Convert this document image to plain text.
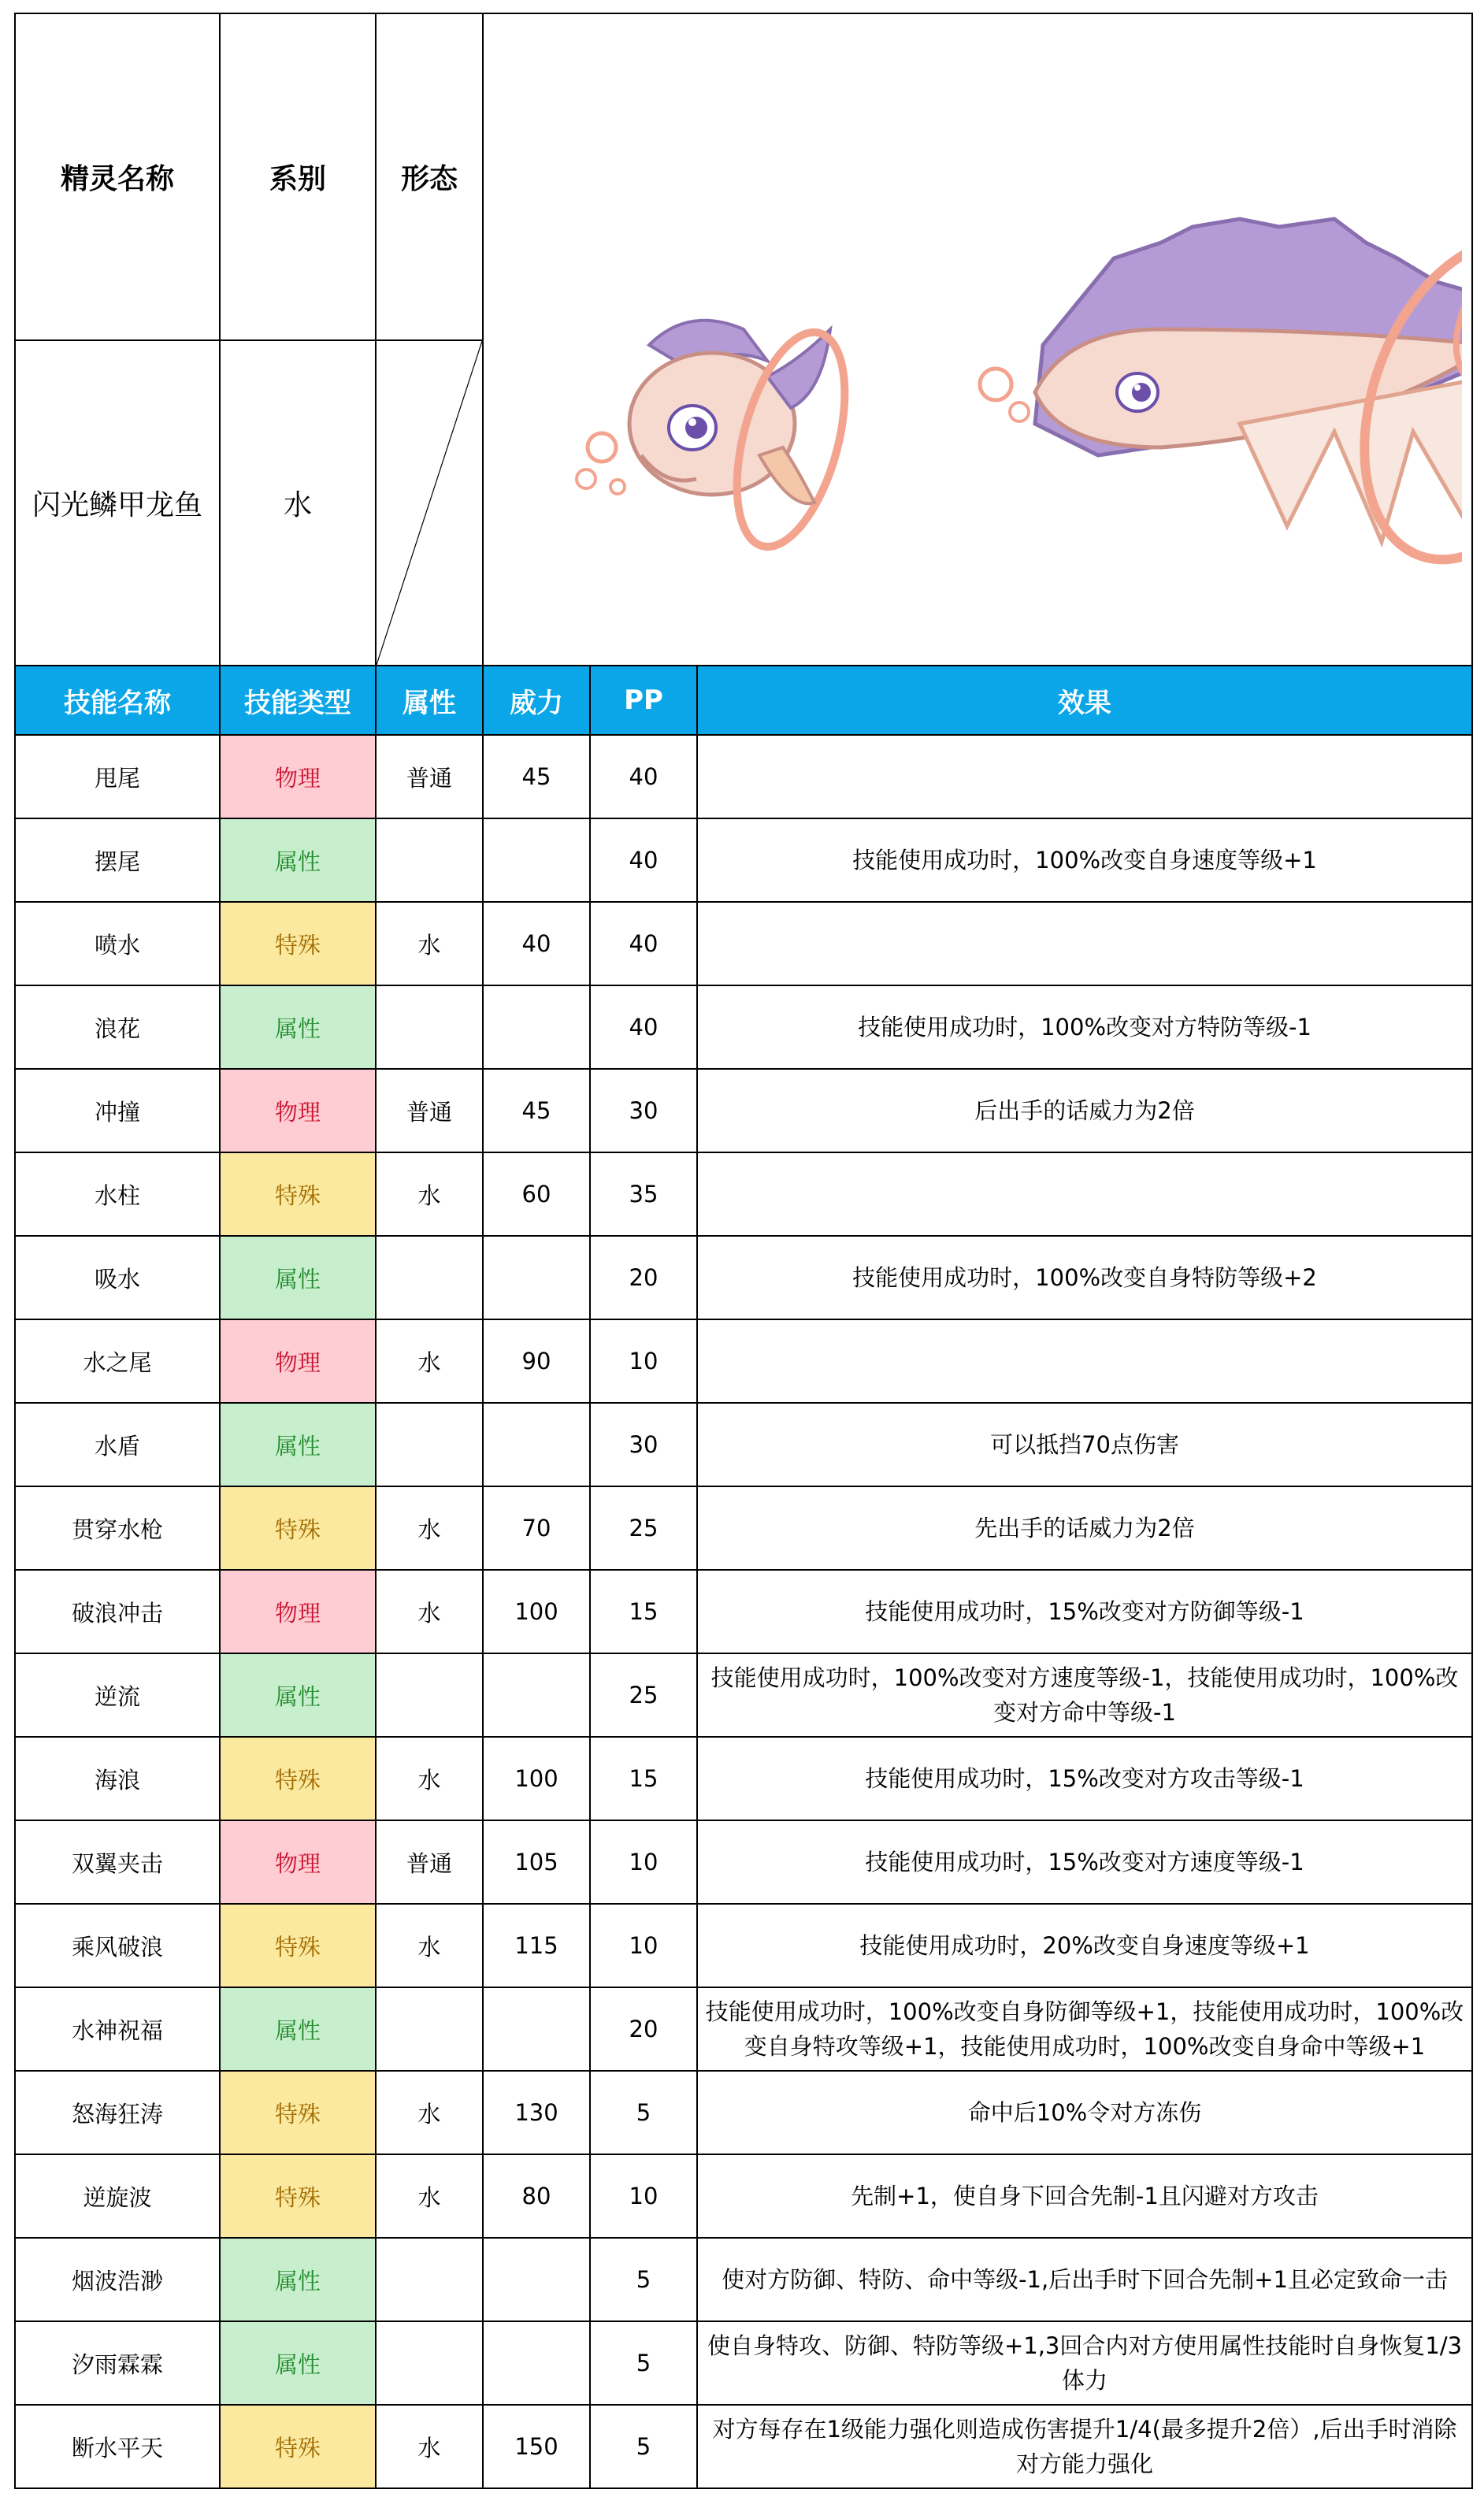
精灵名称	系别	形态	

闪光鳞甲龙鱼	水	

技能名称	技能类型	属性	威力	PP	效果
甩尾	物理	普通	45	40	
摆尾	属性			40	技能使用成功时，100%改变自身速度等级+1
喷水	特殊	水	40	40	
浪花	属性			40	技能使用成功时，100%改变对方特防等级-1
冲撞	物理	普通	45	30	后出手的话威力为2倍
水柱	特殊	水	60	35	
吸水	属性			20	技能使用成功时，100%改变自身特防等级+2
水之尾	物理	水	90	10	
水盾	属性			30	可以抵挡70点伤害
贯穿水枪	特殊	水	70	25	先出手的话威力为2倍
破浪冲击	物理	水	100	15	技能使用成功时，15%改变对方防御等级-1
逆流	属性			25	技能使用成功时，100%改变对方速度等级-1，技能使用成功时，100%改变对方命中等级-1
海浪	特殊	水	100	15	技能使用成功时，15%改变对方攻击等级-1
双翼夹击	物理	普通	105	10	技能使用成功时，15%改变对方速度等级-1
乘风破浪	特殊	水	115	10	技能使用成功时，20%改变自身速度等级+1
水神祝福	属性			20	技能使用成功时，100%改变自身防御等级+1，技能使用成功时，100%改变自身特攻等级+1，技能使用成功时，100%改变自身命中等级+1
怒海狂涛	特殊	水	130	5	命中后10%令对方冻伤
逆旋波	特殊	水	80	10	先制+1，使自身下回合先制-1且闪避对方攻击
烟波浩渺	属性			5	使对方防御、特防、命中等级-1,后出手时下回合先制+1且必定致命一击
汐雨霖霖	属性			5	使自身特攻、防御、特防等级+1,3回合内对方使用属性技能时自身恢复1/3体力
断水平天	特殊	水	150	5	对方每存在1级能力强化则造成伤害提升1/4(最多提升2倍）,后出手时消除对方能力强化
